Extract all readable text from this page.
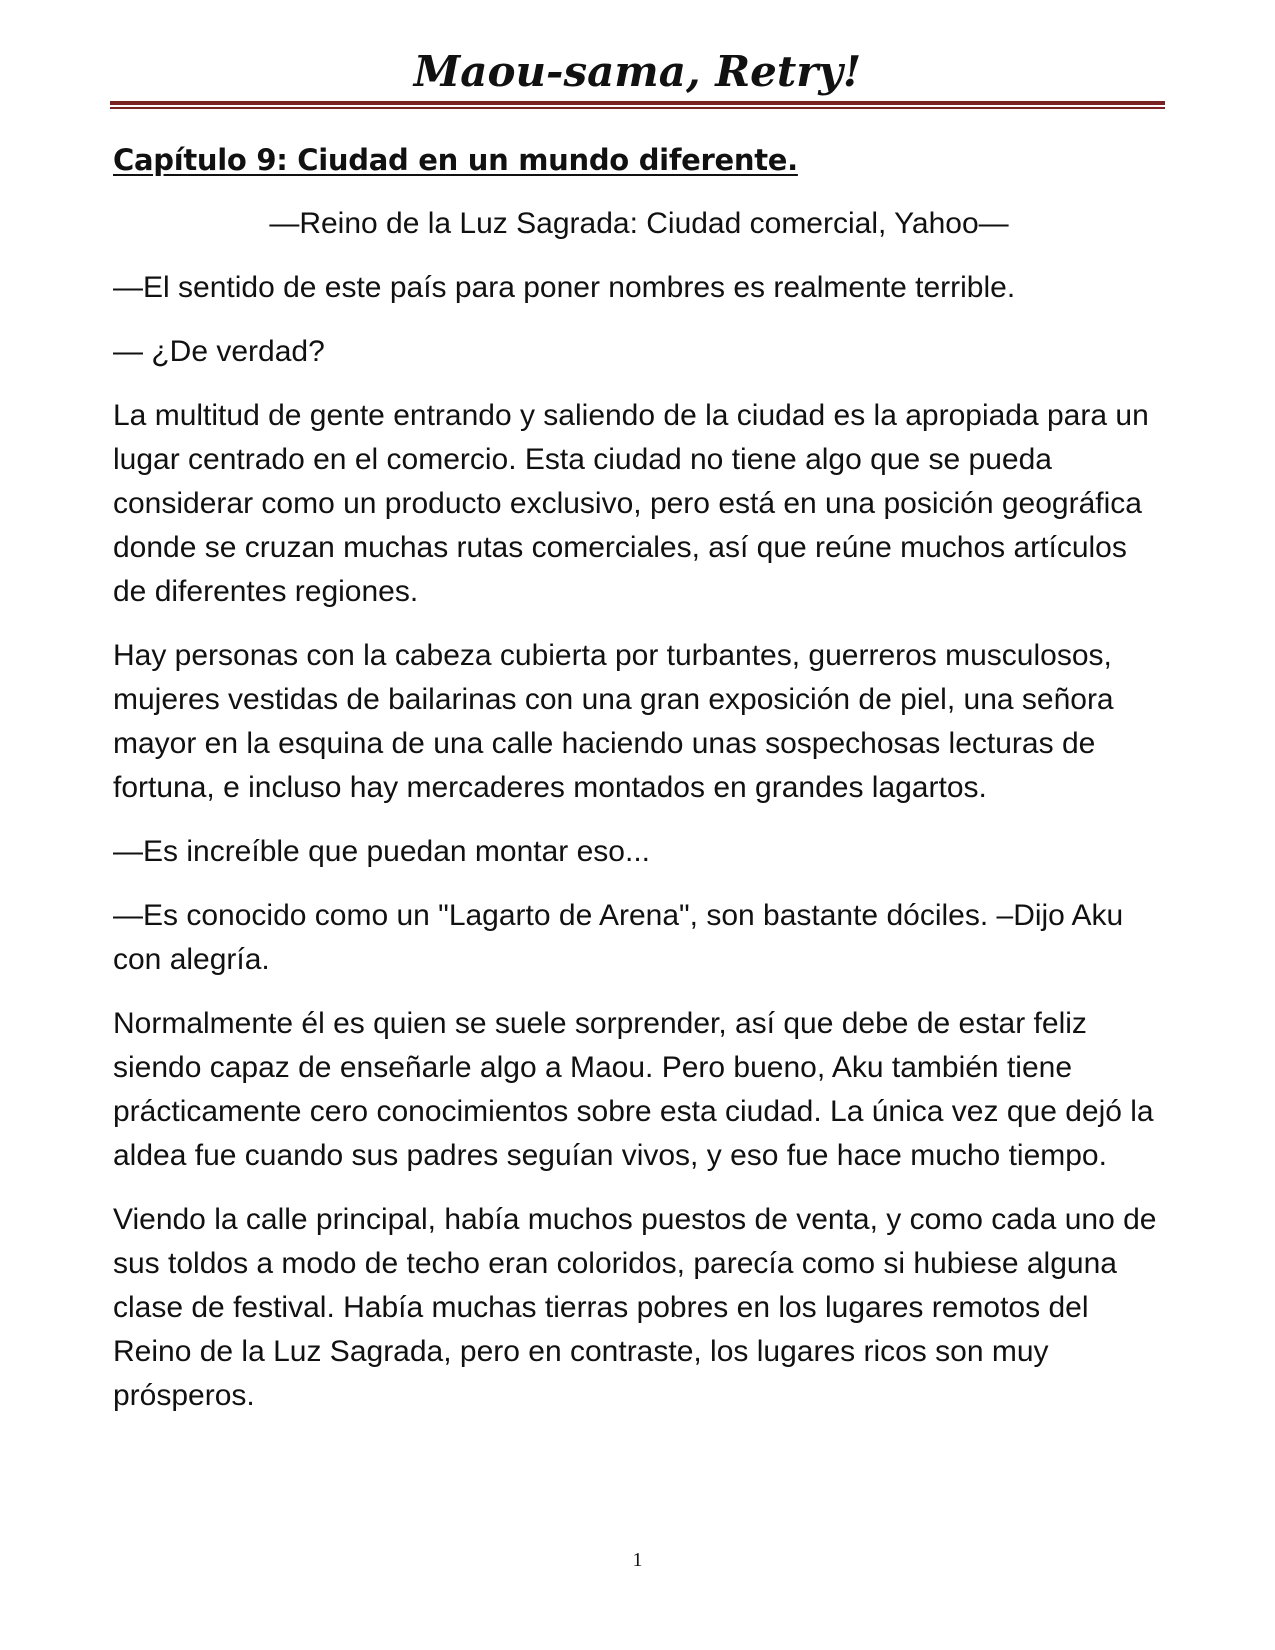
Maou-sama, Retry!

Capítulo 9: Ciudad en un mundo diferente.

—Reino de la Luz Sagrada: Ciudad comercial, Yahoo—

—El sentido de este país para poner nombres es realmente terrible.

— ¿De verdad?

La multitud de gente entrando y saliendo de la ciudad es la apropiada para un lugar centrado en el comercio. Esta ciudad no tiene algo que se pueda considerar como un producto exclusivo, pero está en una posición geográfica donde se cruzan muchas rutas comerciales, así que reúne muchos artículos de diferentes regiones.

Hay personas con la cabeza cubierta por turbantes, guerreros musculosos, mujeres vestidas de bailarinas con una gran exposición de piel, una señora mayor en la esquina de una calle haciendo unas sospechosas lecturas de fortuna, e incluso hay mercaderes montados en grandes lagartos.

—Es increíble que puedan montar eso...

—Es conocido como un "Lagarto de Arena", son bastante dóciles. –Dijo Aku con alegría.

Normalmente él es quien se suele sorprender, así que debe de estar feliz siendo capaz de enseñarle algo a Maou. Pero bueno, Aku también tiene prácticamente cero conocimientos sobre esta ciudad. La única vez que dejó la aldea fue cuando sus padres seguían vivos, y eso fue hace mucho tiempo.

Viendo la calle principal, había muchos puestos de venta, y como cada uno de sus toldos a modo de techo eran coloridos, parecía como si hubiese alguna clase de festival. Había muchas tierras pobres en los lugares remotos del Reino de la Luz Sagrada, pero en contraste, los lugares ricos son muy prósperos.

1
